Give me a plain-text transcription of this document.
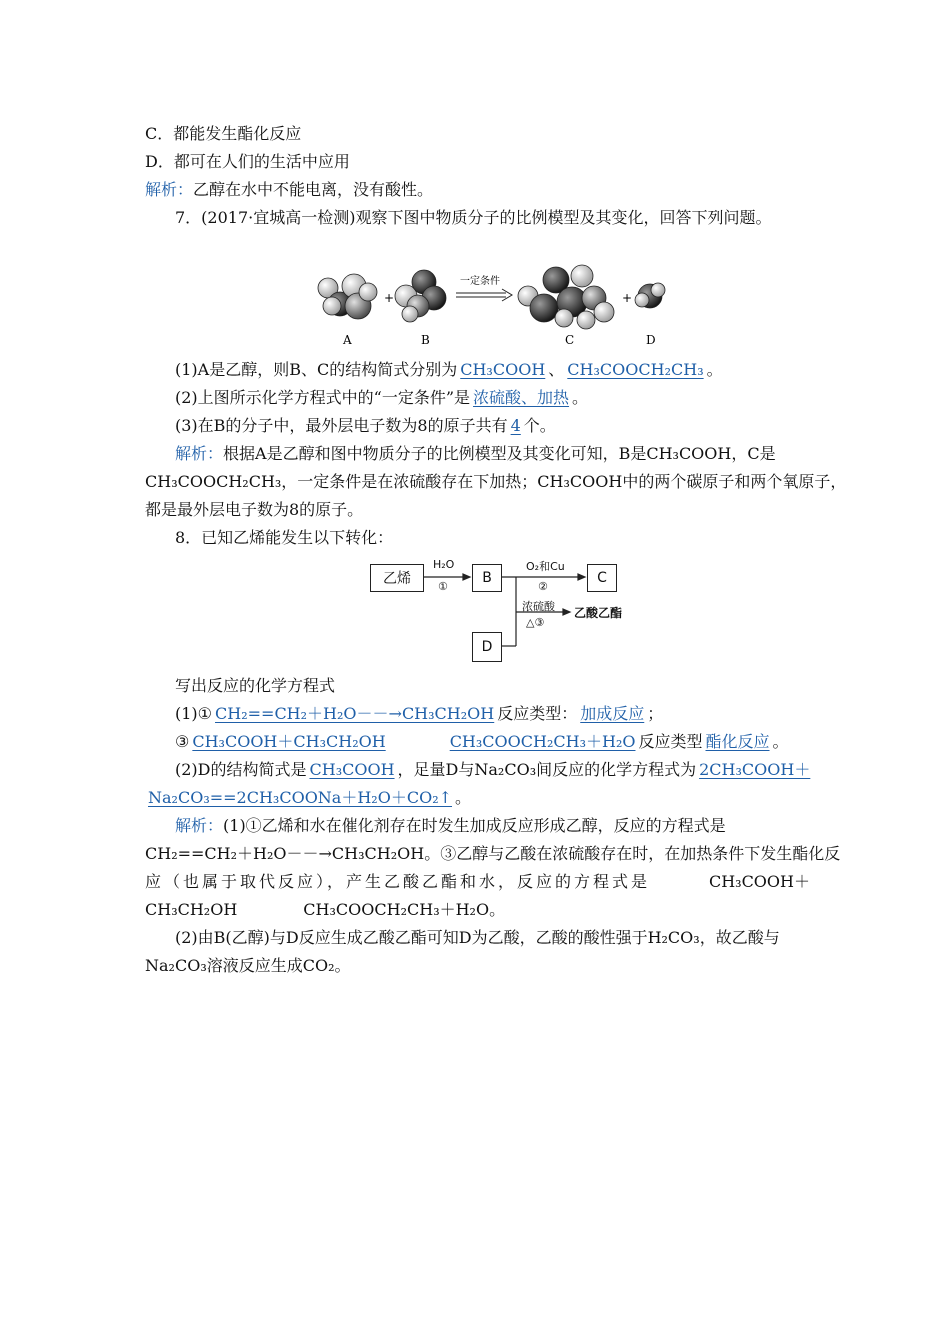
C．都能发生酯化反应
D．都可在人们的生活中应用
解析：乙醇在水中不能电离，没有酸性。
7．(2017·宜城高一检测)观察下图中物质分子的比例模型及其变化，回答下列问题。
+
一定条件
+
A	B	C	D
(1)A是乙醇，则B、C的结构简式分别为 CH₃COOH 、 CH₃COOCH₂CH₃ 。
(2)上图所示化学方程式中的“一定条件”是 浓硫酸、加热 。
(3)在B的分子中，最外层电子数为8的原子共有 4 个。
解析：根据A是乙醇和图中物质分子的比例模型及其变化可知，B是CH₃COOH，C是
CH₃COOCH₂CH₃，一定条件是在浓硫酸存在下加热；CH₃COOH中的两个碳原子和两个氧原子，
都是最外层电子数为8的原子。
8．已知乙烯能发生以下转化：
乙烯	B	C
D
H₂O
①
O₂和Cu
②
浓硫酸
△③
乙酸乙酯
写出反应的化学方程式
(1)① CH₂==CH₂＋H₂O－－→CH₃CH₂OH 反应类型： 加成反应 ；
③ CH₃COOH＋CH₃CH₂OH	CH₃COOCH₂CH₃＋H₂O 反应类型 酯化反应 。
(2)D的结构简式是 CH₃COOH ，足量D与Na₂CO₃间反应的化学方程式为 2CH₃COOH＋
Na₂CO₃==2CH₃COONa＋H₂O＋CO₂↑ 。
解析：(1)①乙烯和水在催化剂存在时发生加成反应形成乙醇，反应的方程式是
CH₂==CH₂＋H₂O－－→CH₃CH₂OH。③乙醇与乙酸在浓硫酸存在时，在加热条件下发生酯化反
应（也属于取代反应），产生乙酸乙酯和水，反应的方程式是	CH₃COOH＋
CH₃CH₂OH	CH₃COOCH₂CH₃＋H₂O。
(2)由B(乙醇)与D反应生成乙酸乙酯可知D为乙酸，乙酸的酸性强于H₂CO₃，故乙酸与
Na₂CO₃溶液反应生成CO₂。
